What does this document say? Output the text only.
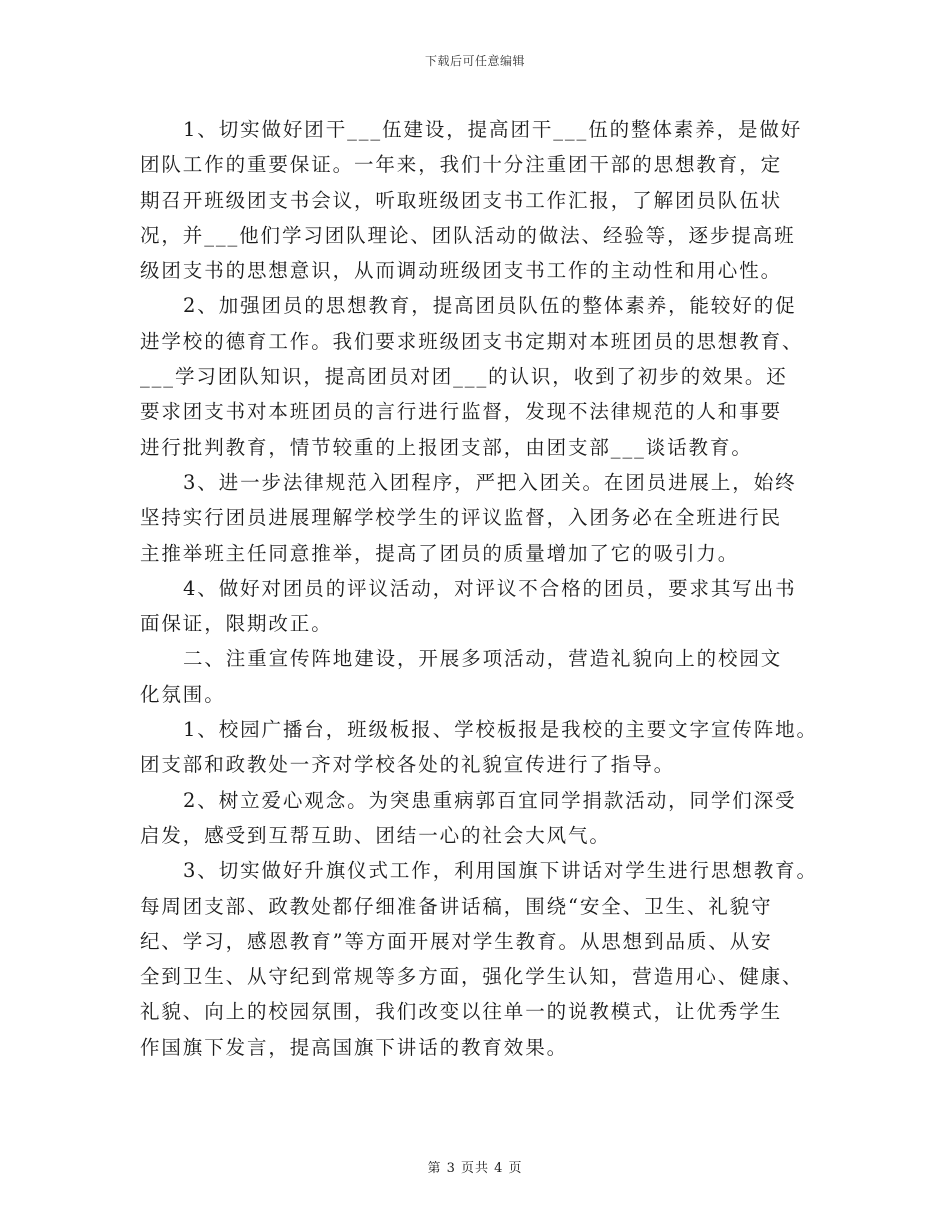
下载后可任意编辑
1、切实做好团干___伍建设，提高团干___伍的整体素养，是做好
团队工作的重要保证。一年来，我们十分注重团干部的思想教育，定
期召开班级团支书会议，听取班级团支书工作汇报，了解团员队伍状
况，并___他们学习团队理论、团队活动的做法、经验等，逐步提高班
级团支书的思想意识，从而调动班级团支书工作的主动性和用心性。
2、加强团员的思想教育，提高团员队伍的整体素养，能较好的促
进学校的德育工作。我们要求班级团支书定期对本班团员的思想教育、
___学习团队知识，提高团员对团___的认识，收到了初步的效果。还
要求团支书对本班团员的言行进行监督，发现不法律规范的人和事要
进行批判教育，情节较重的上报团支部，由团支部___谈话教育。
3、进一步法律规范入团程序，严把入团关。在团员进展上，始终
坚持实行团员进展理解学校学生的评议监督，入团务必在全班进行民
主推举班主任同意推举，提高了团员的质量增加了它的吸引力。
4、做好对团员的评议活动，对评议不合格的团员，要求其写出书
面保证，限期改正。
二、注重宣传阵地建设，开展多项活动，营造礼貌向上的校园文
化氛围。
1、校园广播台，班级板报、学校板报是我校的主要文字宣传阵地。
团支部和政教处一齐对学校各处的礼貌宣传进行了指导。
2、树立爱心观念。为突患重病郭百宜同学捐款活动，同学们深受
启发，感受到互帮互助、团结一心的社会大风气。
3、切实做好升旗仪式工作，利用国旗下讲话对学生进行思想教育。
每周团支部、政教处都仔细准备讲话稿，围绕“安全、卫生、礼貌守
纪、学习，感恩教育”等方面开展对学生教育。从思想到品质、从安
全到卫生、从守纪到常规等多方面，强化学生认知，营造用心、健康、
礼貌、向上的校园氛围，我们改变以往单一的说教模式，让优秀学生
作国旗下发言，提高国旗下讲话的教育效果。
第 3 页共 4 页
